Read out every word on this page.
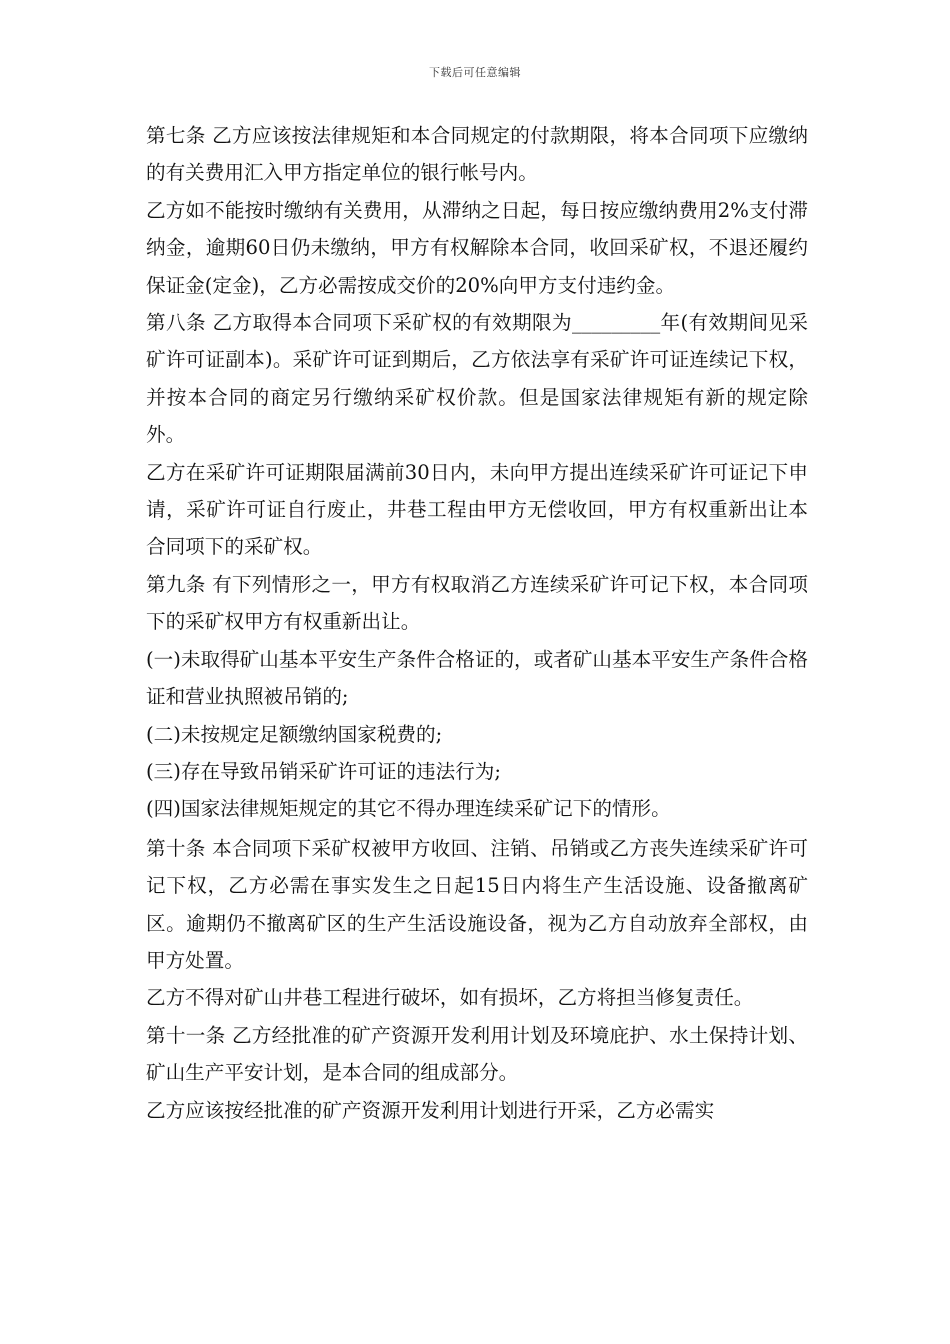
下载后可任意编辑

第七条 乙方应该按法律规矩和本合同规定的付款期限，将本合同项下应缴纳的有关费用汇入甲方指定单位的银行帐号内。

乙方如不能按时缴纳有关费用，从滞纳之日起，每日按应缴纳费用2%支付滞纳金，逾期60日仍未缴纳，甲方有权解除本合同，收回采矿权，不退还履约保证金(定金)，乙方必需按成交价的20%向甲方支付违约金。

第八条 乙方取得本合同项下采矿权的有效期限为_________年(有效期间见采矿许可证副本)。采矿许可证到期后，乙方依法享有采矿许可证连续记下权，并按本合同的商定另行缴纳采矿权价款。但是国家法律规矩有新的规定除外。

乙方在采矿许可证期限届满前30日内，未向甲方提出连续采矿许可证记下申请，采矿许可证自行废止，井巷工程由甲方无偿收回，甲方有权重新出让本合同项下的采矿权。

第九条 有下列情形之一，甲方有权取消乙方连续采矿许可记下权，本合同项下的采矿权甲方有权重新出让。

(一)未取得矿山基本平安生产条件合格证的，或者矿山基本平安生产条件合格证和营业执照被吊销的;

(二)未按规定足额缴纳国家税费的;

(三)存在导致吊销采矿许可证的违法行为;

(四)国家法律规矩规定的其它不得办理连续采矿记下的情形。

第十条 本合同项下采矿权被甲方收回、注销、吊销或乙方丧失连续采矿许可记下权，乙方必需在事实发生之日起15日内将生产生活设施、设备撤离矿区。逾期仍不撤离矿区的生产生活设施设备，视为乙方自动放弃全部权，由甲方处置。

乙方不得对矿山井巷工程进行破坏，如有损坏，乙方将担当修复责任。

第十一条 乙方经批准的矿产资源开发利用计划及环境庇护、水土保持计划、矿山生产平安计划，是本合同的组成部分。

乙方应该按经批准的矿产资源开发利用计划进行开采，乙方必需实
